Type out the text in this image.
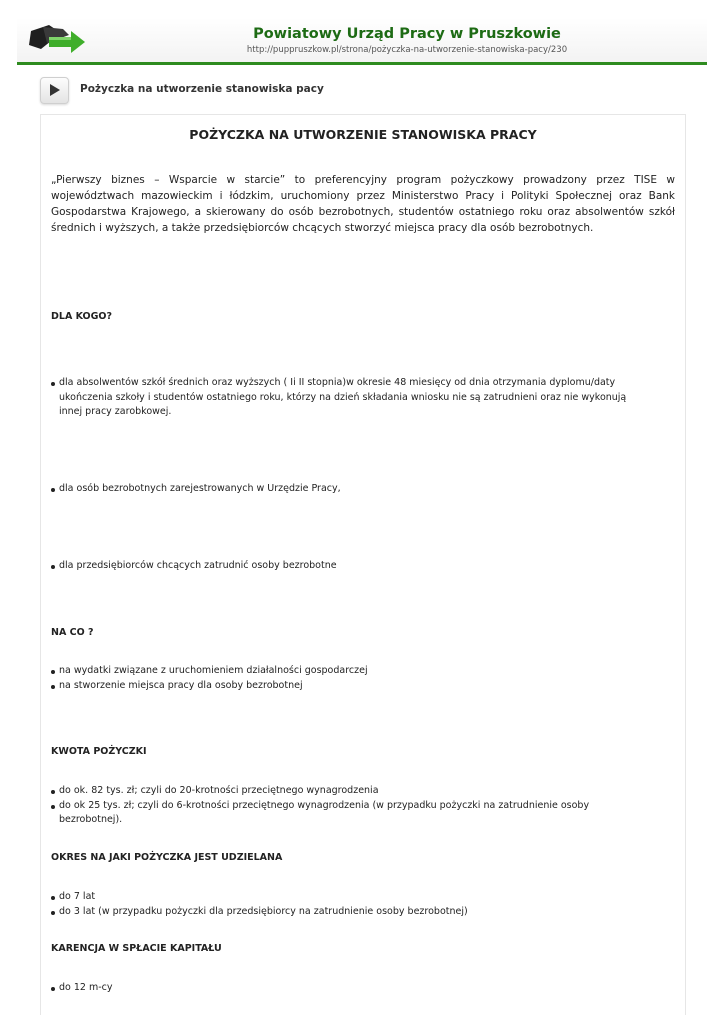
Powiatowy Urząd Pracy w Pruszkowie
http://puppruszkow.pl/strona/pożyczka-na-utworzenie-stanowiska-pacy/230
Pożyczka na utworzenie stanowiska pacy
POŻYCZKA NA UTWORZENIE STANOWISKA PRACY
„Pierwszy biznes – Wsparcie w starcie” to preferencyjny program pożyczkowy prowadzony przez TISE w województwach mazowieckim i łódzkim, uruchomiony przez Ministerstwo Pracy i Polityki Społecznej oraz Bank Gospodarstwa Krajowego, a skierowany do osób bezrobotnych, studentów ostatniego roku oraz absolwentów szkół średnich i wyższych, a także przedsiębiorców chcących stworzyć miejsca pracy dla osób bezrobotnych.
DLA KOGO?
dla absolwentów szkół średnich oraz wyższych ( Ii II stopnia)w okresie 48 miesięcy od dnia otrzymania dyplomu/daty ukończenia szkoły i studentów ostatniego roku, którzy na dzień składania wniosku nie są zatrudnieni oraz nie wykonują innej pracy zarobkowej.
dla osób bezrobotnych zarejestrowanych w Urzędzie Pracy,
dla przedsiębiorców chcących zatrudnić osoby bezrobotne
NA CO ?
na wydatki związane z uruchomieniem działalności gospodarczej
na stworzenie miejsca pracy dla osoby bezrobotnej
KWOTA POŻYCZKI
do ok. 82 tys. zł; czyli do 20-krotności przeciętnego wynagrodzenia
do ok 25 tys. zł; czyli do 6-krotności przeciętnego wynagrodzenia (w przypadku pożyczki na zatrudnienie osoby bezrobotnej).
OKRES NA JAKI POŻYCZKA JEST UDZIELANA
do 7 lat
do 3 lat (w przypadku pożyczki dla przedsiębiorcy na zatrudnienie osoby bezrobotnej)
KARENCJA W SPŁACIE KAPITAŁU
do 12 m-cy
